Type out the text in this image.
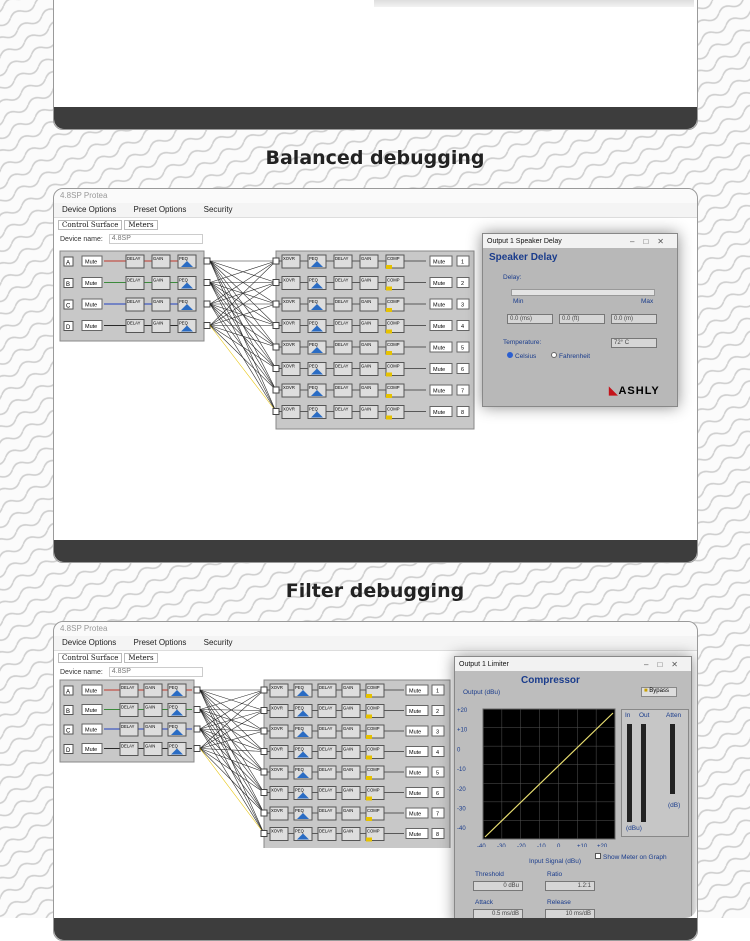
Balanced debugging
4.8SP Protea
Device Options Preset Options Security
Control Surface Meters
Device name: 4.8SP
A	Mute
DELAY	GAIN	PEQ
B	Mute
DELAY	GAIN	PEQ
C	Mute
DELAY	GAIN	PEQ
D	Mute
DELAY	GAIN	PEQ
XOVR	PEQ	DELAY	GAIN	COMP
Mute	1
XOVR	PEQ	DELAY	GAIN	COMP
Mute	2
XOVR	PEQ	DELAY	GAIN	COMP
Mute	3
XOVR	PEQ	DELAY	GAIN	COMP
Mute	4
XOVR	PEQ	DELAY	GAIN	COMP
Mute	5
XOVR	PEQ	DELAY	GAIN	COMP
Mute	6
XOVR	PEQ	DELAY	GAIN	COMP
Mute	7
XOVR	PEQ	DELAY	GAIN	COMP
Mute	8
Output 1 Speaker Delay	–□✕
Speaker Delay
Delay:
Min	Max
0.0 (ms)	0.0 (ft)	0.0 (m)
Temperature:	72° C
Celsius	Fahrenheit
◣ASHLY
Filter debugging
4.8SP Protea
Device Options Preset Options Security
Control Surface Meters
Device name: 4.8SP
A	Mute
DELAY	GAIN	PEQ
B	Mute
DELAY	GAIN	PEQ
C	Mute
DELAY	GAIN	PEQ
D	Mute
DELAY	GAIN	PEQ
XOVR	PEQ	DELAY	GAIN	COMP
Mute	1
XOVR	PEQ	DELAY	GAIN	COMP
Mute	2
XOVR	PEQ	DELAY	GAIN	COMP
Mute	3
XOVR	PEQ	DELAY	GAIN	COMP
Mute	4
XOVR	PEQ	DELAY	GAIN	COMP
Mute	5
XOVR	PEQ	DELAY	GAIN	COMP
Mute	6
XOVR	PEQ	DELAY	GAIN	COMP
Mute	7
XOVR	PEQ	DELAY	GAIN	COMP
Mute	8
Output 1 Limiter	–□✕
Compressor
Output (dBu)	■ Bypass
+20
+10
0
-10
-20
-30
-40
-40 -30 -20 -10 0	+10 +20
In Out	Atten
(dB)
(dBu)
Input Signal (dBu)
Show Meter on Graph
Threshold
0 dBu
Ratio
1.2:1
Attack
0.5 ms/dB
Release
10 ms/dB
